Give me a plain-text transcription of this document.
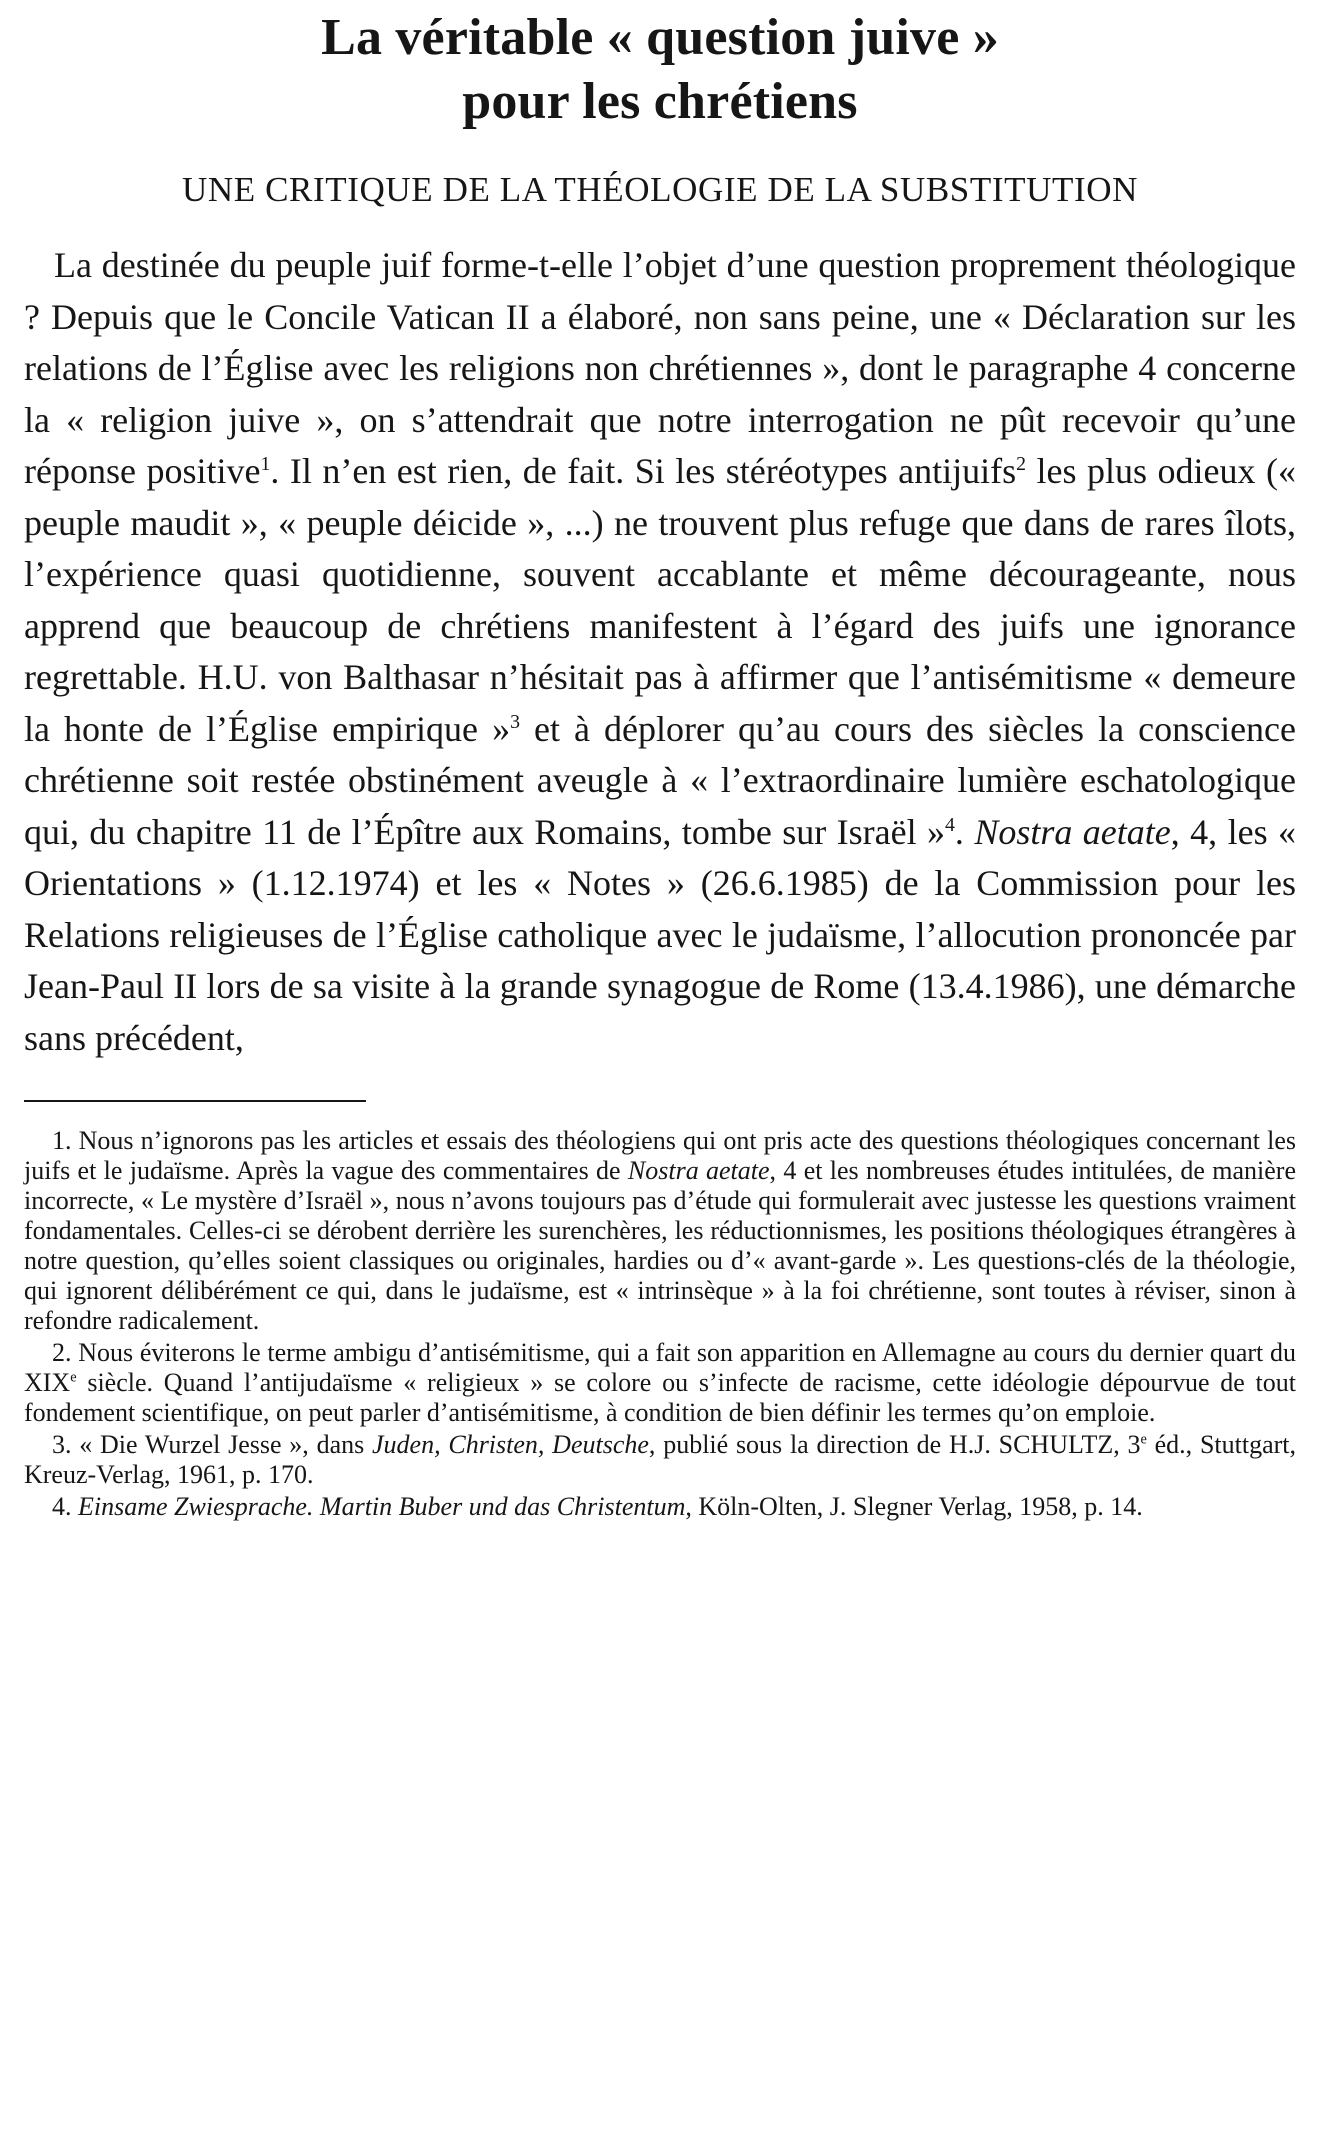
La véritable « question juive »
pour les chrétiens
UNE CRITIQUE DE LA THÉOLOGIE DE LA SUBSTITUTION

La destinée du peuple juif forme-t-elle l’objet d’une question proprement théologique ? Depuis que le Concile Vatican II a élaboré, non sans peine, une « Déclaration sur les relations de l’Église avec les religions non chrétiennes », dont le paragraphe 4 concerne la « religion juive », on s’attendrait que notre interrogation ne pût recevoir qu’une réponse positive$^1$. Il n’en est rien, de fait. Si les stéréotypes antijuifs$^2$ les plus odieux (« peuple maudit », « peuple déicide », ...) ne trouvent plus refuge que dans de rares îlots, l’expérience quasi quotidienne, souvent accablante et même décourageante, nous apprend que beaucoup de chrétiens manifestent à l’égard des juifs une ignorance regrettable. H.U. von Balthasar n’hésitait pas à affirmer que l’antisémitisme « demeure la honte de l’Église empirique »$^3$ et à déplorer qu’au cours des siècles la conscience chrétienne soit restée obstinément aveugle à « l’extraordinaire lumière eschatologique qui, du chapitre 11 de l’Épître aux Romains, tombe sur Israël »$^4$. Nostra aetate, 4, les « Orientations » (1.12.1974) et les « Notes » (26.6.1985) de la Commission pour les Relations religieuses de l’Église catholique avec le judaïsme, l’allocution prononcée par Jean-Paul II lors de sa visite à la grande synagogue de Rome (13.4.1986), une démarche sans précédent,

1. Nous n’ignorons pas les articles et essais des théologiens qui ont pris acte des questions théologiques concernant les juifs et le judaïsme. Après la vague des commentaires de Nostra aetate, 4 et les nombreuses études intitulées, de manière incorrecte, « Le mystère d’Israël », nous n’avons toujours pas d’étude qui formulerait avec justesse les questions vraiment fondamentales. Celles-ci se dérobent derrière les surenchères, les réductionnismes, les positions théologiques étrangères à notre question, qu’elles soient classiques ou originales, hardies ou d’« avant-garde ». Les questions-clés de la théologie, qui ignorent délibérément ce qui, dans le judaïsme, est « intrinsèque » à la foi chrétienne, sont toutes à réviser, sinon à refondre radicalement.

2. Nous éviterons le terme ambigu d’antisémitisme, qui a fait son apparition en Allemagne au cours du dernier quart du XIXe siècle. Quand l’antijudaïsme « religieux » se colore ou s’infecte de racisme, cette idéologie dépourvue de tout fondement scientifique, on peut parler d’antisémitisme, à condition de bien définir les termes qu’on emploie.

3. « Die Wurzel Jesse », dans Juden, Christen, Deutsche, publié sous la direction de H.J. SCHULTZ, 3e éd., Stuttgart, Kreuz-Verlag, 1961, p. 170.

4. Einsame Zwiesprache. Martin Buber und das Christentum, Köln-Olten, J. Slegner Verlag, 1958, p. 14.
